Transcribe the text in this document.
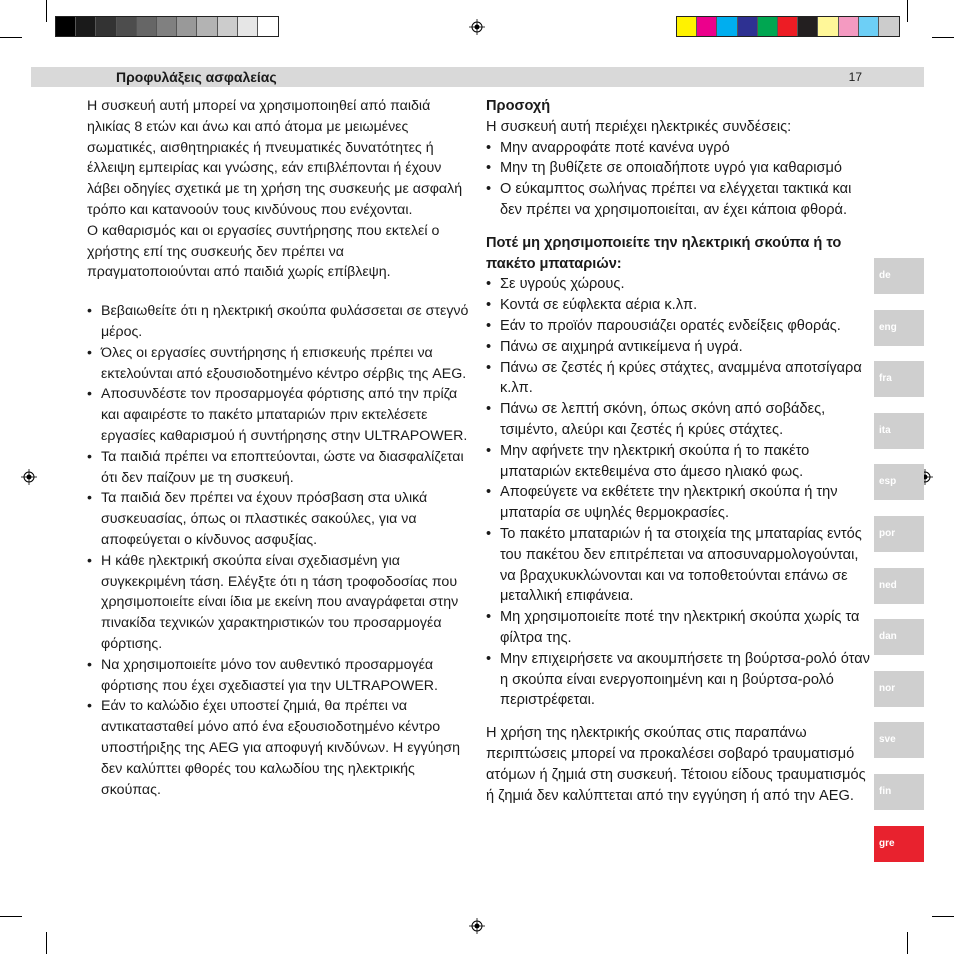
Προφυλάξεις ασφαλείας	17

Η συσκευή αυτή μπορεί να χρησιμοποιηθεί από παιδιά ηλικίας 8 ετών και άνω και από άτομα με μειωμένες σωματικές, αισθητηριακές ή πνευματικές δυνατότητες ή έλλειψη εμπειρίας και γνώσης, εάν επιβλέπονται ή έχουν λάβει οδηγίες σχετικά με τη χρήση της συσκευής με ασφαλή τρόπο και κατανοούν τους κινδύνους που ενέχονται.

Ο καθαρισμός και οι εργασίες συντήρησης που εκτελεί ο χρήστης επί της συσκευής δεν πρέπει να πραγματοποιούνται από παιδιά χωρίς επίβλεψη.

• Βεβαιωθείτε ότι η ηλεκτρική σκούπα φυλάσσεται σε στεγνό μέρος.
• Όλες οι εργασίες συντήρησης ή επισκευής πρέπει να εκτελούνται από εξουσιοδοτημένο κέντρο σέρβις της AEG.
• Αποσυνδέστε τον προσαρμογέα φόρτισης από την πρίζα και αφαιρέστε το πακέτο μπαταριών πριν εκτελέσετε εργασίες καθαρισμού ή συντήρησης στην ULTRAPOWER.
• Τα παιδιά πρέπει να εποπτεύονται, ώστε να διασφαλίζεται ότι δεν παίζουν με τη συσκευή.
• Τα παιδιά δεν πρέπει να έχουν πρόσβαση στα υλικά συσκευασίας, όπως οι πλαστικές σακούλες, για να αποφεύγεται ο κίνδυνος ασφυξίας.
• Η κάθε ηλεκτρική σκούπα είναι σχεδιασμένη για συγκεκριμένη τάση. Ελέγξτε ότι η τάση τροφοδοσίας που χρησιμοποιείτε είναι ίδια με εκείνη που αναγράφεται στην πινακίδα τεχνικών χαρακτηριστικών του προσαρμογέα φόρτισης.
• Να χρησιμοποιείτε μόνο τον αυθεντικό προσαρμογέα φόρτισης που έχει σχεδιαστεί για την ULTRAPOWER.
• Εάν το καλώδιο έχει υποστεί ζημιά, θα πρέπει να αντικατασταθεί μόνο από ένα εξουσιοδοτημένο κέντρο υποστήριξης της AEG για αποφυγή κινδύνων. Η εγγύηση δεν καλύπτει φθορές του καλωδίου της ηλεκτρικής σκούπας.

Προσοχή

Η συσκευή αυτή περιέχει ηλεκτρικές συνδέσεις:

• Μην αναρροφάτε ποτέ κανένα υγρό
• Μην τη βυθίζετε σε οποιαδήποτε υγρό για καθαρισμό
• Ο εύκαμπτος σωλήνας πρέπει να ελέγχεται τακτικά και δεν πρέπει να χρησιμοποιείται, αν έχει κάποια φθορά.

Ποτέ μη χρησιμοποιείτε την ηλεκτρική σκούπα ή το πακέτο μπαταριών:

• Σε υγρούς χώρους.
• Κοντά σε εύφλεκτα αέρια κ.λπ.
• Εάν το προϊόν παρουσιάζει ορατές ενδείξεις φθοράς.
• Πάνω σε αιχμηρά αντικείμενα ή υγρά.
• Πάνω σε ζεστές ή κρύες στάχτες, αναμμένα αποτσίγαρα κ.λπ.
• Πάνω σε λεπτή σκόνη, όπως σκόνη από σοβάδες, τσιμέντο, αλεύρι και ζεστές ή κρύες στάχτες.
• Μην αφήνετε την ηλεκτρική σκούπα ή το πακέτο μπαταριών εκτεθειμένα στο άμεσο ηλιακό φως.
• Αποφεύγετε να εκθέτετε την ηλεκτρική σκούπα ή την μπαταρία σε υψηλές θερμοκρασίες.
• Το πακέτο μπαταριών ή τα στοιχεία της μπαταρίας εντός του πακέτου δεν επιτρέπεται να αποσυναρμολογούνται, να βραχυκυκλώνονται και να τοποθετούνται επάνω σε μεταλλική επιφάνεια.
• Μη χρησιμοποιείτε ποτέ την ηλεκτρική σκούπα χωρίς τα φίλτρα της.
• Μην επιχειρήσετε να ακουμπήσετε τη βούρτσα-ρολό όταν η σκούπα είναι ενεργοποιημένη και η βούρτσα-ρολό περιστρέφεται.

Η χρήση της ηλεκτρικής σκούπας στις παραπάνω περιπτώσεις μπορεί να προκαλέσει σοβαρό τραυματισμό ατόμων ή ζημιά στη συσκευή. Τέτοιου είδους τραυματισμός ή ζημιά δεν καλύπτεται από την εγγύηση ή από την AEG.

de
eng
fra
ita
esp
por
ned
dan
nor
sve
fin
gre
